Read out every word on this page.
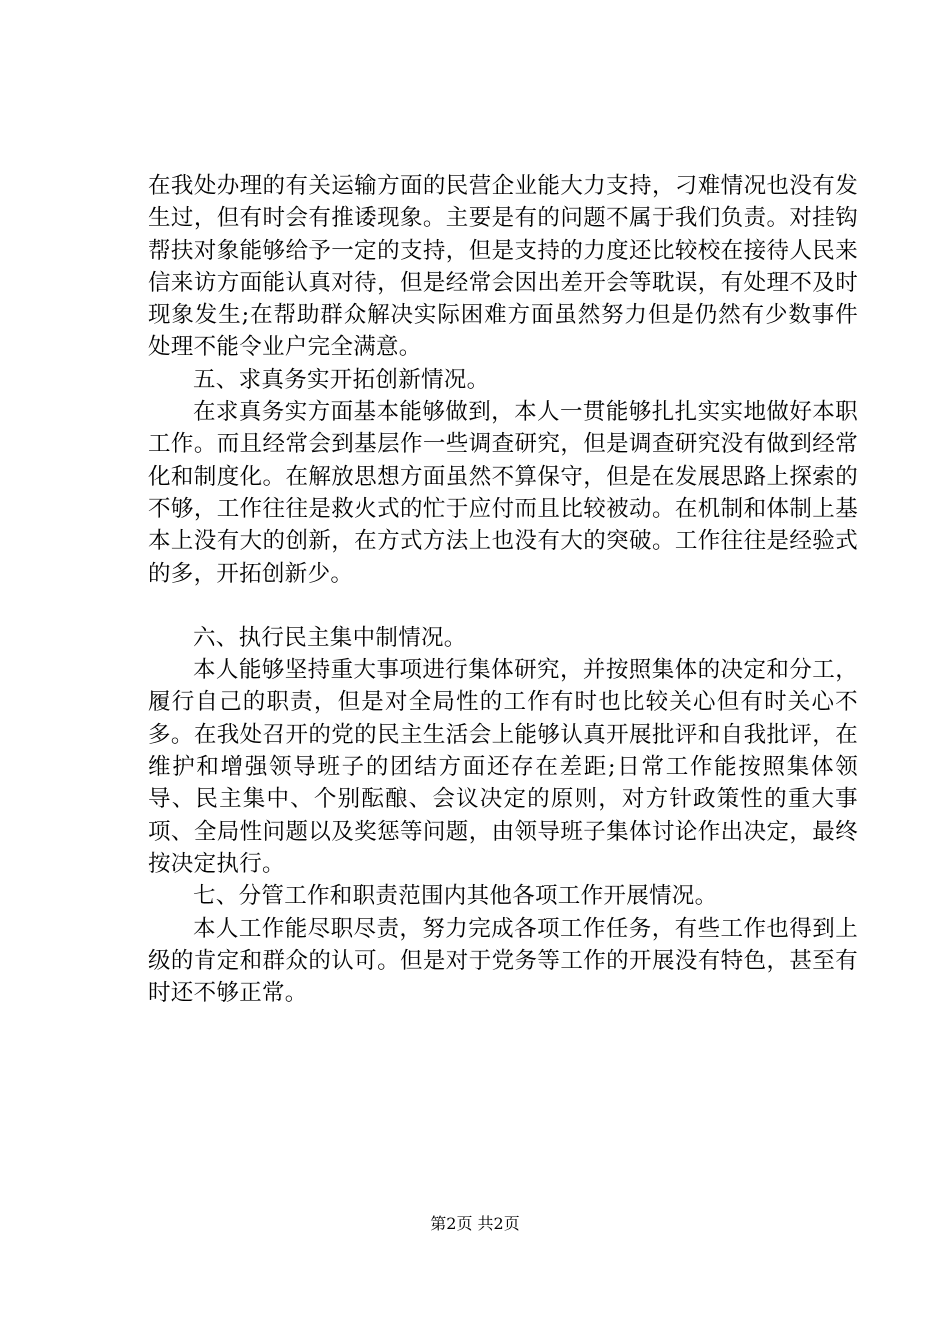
在我处办理的有关运输方面的民营企业能大力支持，刁难情况也没有发生过，但有时会有推诿现象。主要是有的问题不属于我们负责。对挂钩帮扶对象能够给予一定的支持，但是支持的力度还比较校在接待人民来信来访方面能认真对待，但是经常会因出差开会等耽误，有处理不及时现象发生;在帮助群众解决实际困难方面虽然努力但是仍然有少数事件处理不能令业户完全满意。

五、求真务实开拓创新情况。

在求真务实方面基本能够做到，本人一贯能够扎扎实实地做好本职工作。而且经常会到基层作一些调查研究，但是调查研究没有做到经常化和制度化。在解放思想方面虽然不算保守，但是在发展思路上探索的不够，工作往往是救火式的忙于应付而且比较被动。在机制和体制上基本上没有大的创新，在方式方法上也没有大的突破。工作往往是经验式的多，开拓创新少。

六、执行民主集中制情况。

本人能够坚持重大事项进行集体研究，并按照集体的决定和分工，履行自己的职责，但是对全局性的工作有时也比较关心但有时关心不多。在我处召开的党的民主生活会上能够认真开展批评和自我批评，在维护和增强领导班子的团结方面还存在差距;日常工作能按照集体领导、民主集中、个别酝酿、会议决定的原则，对方针政策性的重大事项、全局性问题以及奖惩等问题，由领导班子集体讨论作出决定，最终按决定执行。

七、分管工作和职责范围内其他各项工作开展情况。

本人工作能尽职尽责，努力完成各项工作任务，有些工作也得到上级的肯定和群众的认可。但是对于党务等工作的开展没有特色，甚至有时还不够正常。

第2页 共2页
